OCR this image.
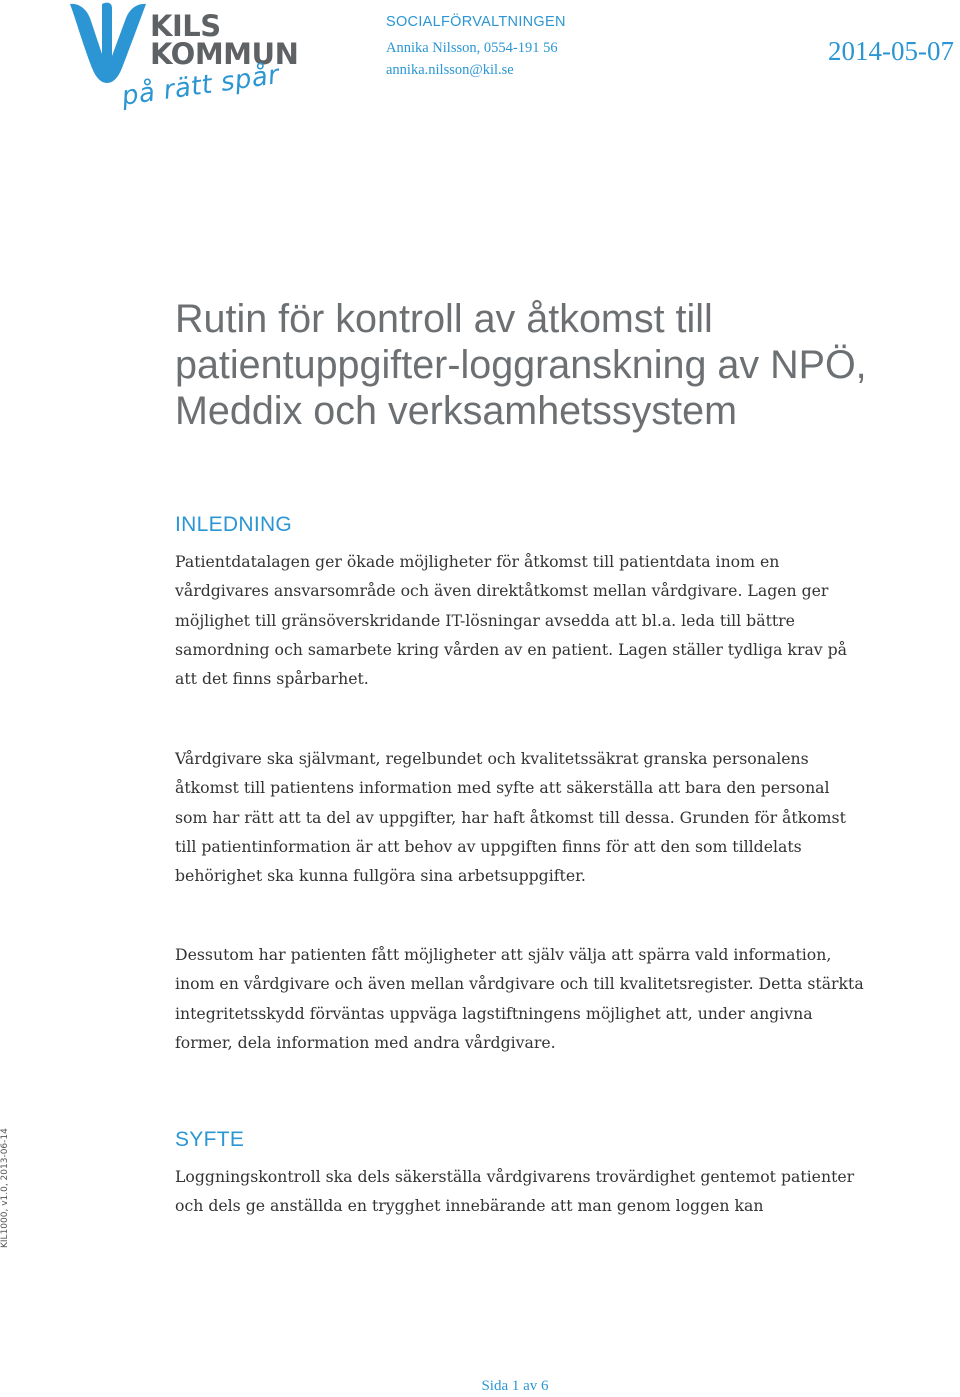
KILS
KOMMUN
på rätt spår
SOCIALFÖRVALTNINGEN
Annika Nilsson, 0554-191 56
annika.nilsson@kil.se
2014-05-07
Rutin för kontroll av åtkomst till patientuppgifter-loggranskning av NPÖ, Meddix och verksamhetssystem
INLEDNING

Patientdatalagen ger ökade möjligheter för åtkomst till patientdata inom en vårdgivares ansvarsområde och även direktåtkomst mellan vårdgivare. Lagen ger möjlighet till gränsöverskridande IT-lösningar avsedda att bl.a. leda till bättre samordning och samarbete kring vården av en patient. Lagen ställer tydliga krav på att det finns spårbarhet.

Vårdgivare ska självmant, regelbundet och kvalitetssäkrat granska personalens åtkomst till patientens information med syfte att säkerställa att bara den personal som har rätt att ta del av uppgifter, har haft åtkomst till dessa. Grunden för åtkomst till patientinformation är att behov av uppgiften finns för att den som tilldelats behörighet ska kunna fullgöra sina arbetsuppgifter.

Dessutom har patienten fått möjligheter att själv välja att spärra vald information, inom en vårdgivare och även mellan vårdgivare och till kvalitetsregister. Detta stärkta integritetsskydd förväntas uppväga lagstiftningens möjlighet att, under angivna former, dela information med andra vårdgivare.

SYFTE

Loggningskontroll ska dels säkerställa vårdgivarens trovärdighet gentemot patienter och dels ge anställda en trygghet innebärande att man genom loggen kan

KIL1000, v1.0, 2013-06-14
Sida 1 av 6
